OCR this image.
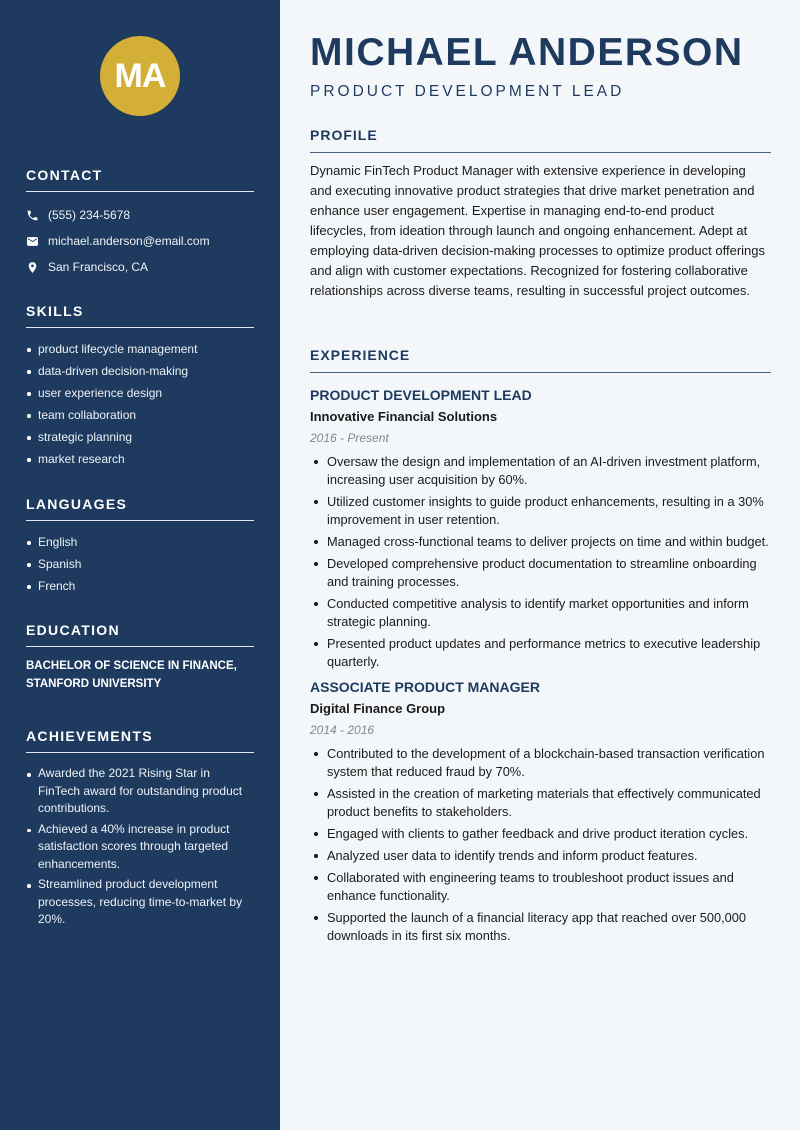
MA
CONTACT
(555) 234-5678
michael.anderson@email.com
San Francisco, CA
SKILLS
product lifecycle management
data-driven decision-making
user experience design
team collaboration
strategic planning
market research
LANGUAGES
English
Spanish
French
EDUCATION
BACHELOR OF SCIENCE IN FINANCE, STANFORD UNIVERSITY
ACHIEVEMENTS
Awarded the 2021 Rising Star in FinTech award for outstanding product contributions.
Achieved a 40% increase in product satisfaction scores through targeted enhancements.
Streamlined product development processes, reducing time-to-market by 20%.
MICHAEL ANDERSON
PRODUCT DEVELOPMENT LEAD
PROFILE

Dynamic FinTech Product Manager with extensive experience in developing and executing innovative product strategies that drive market penetration and enhance user engagement. Expertise in managing end-to-end product lifecycles, from ideation through launch and ongoing enhancement. Adept at employing data-driven decision-making processes to optimize product offerings and align with customer expectations. Recognized for fostering collaborative relationships across diverse teams, resulting in successful project outcomes.

EXPERIENCE
PRODUCT DEVELOPMENT LEAD
Innovative Financial Solutions
2016 - Present
Oversaw the design and implementation of an AI-driven investment platform, increasing user acquisition by 60%.
Utilized customer insights to guide product enhancements, resulting in a 30% improvement in user retention.
Managed cross-functional teams to deliver projects on time and within budget.
Developed comprehensive product documentation to streamline onboarding and training processes.
Conducted competitive analysis to identify market opportunities and inform strategic planning.
Presented product updates and performance metrics to executive leadership quarterly.
ASSOCIATE PRODUCT MANAGER
Digital Finance Group
2014 - 2016
Contributed to the development of a blockchain-based transaction verification system that reduced fraud by 70%.
Assisted in the creation of marketing materials that effectively communicated product benefits to stakeholders.
Engaged with clients to gather feedback and drive product iteration cycles.
Analyzed user data to identify trends and inform product features.
Collaborated with engineering teams to troubleshoot product issues and enhance functionality.
Supported the launch of a financial literacy app that reached over 500,000 downloads in its first six months.
